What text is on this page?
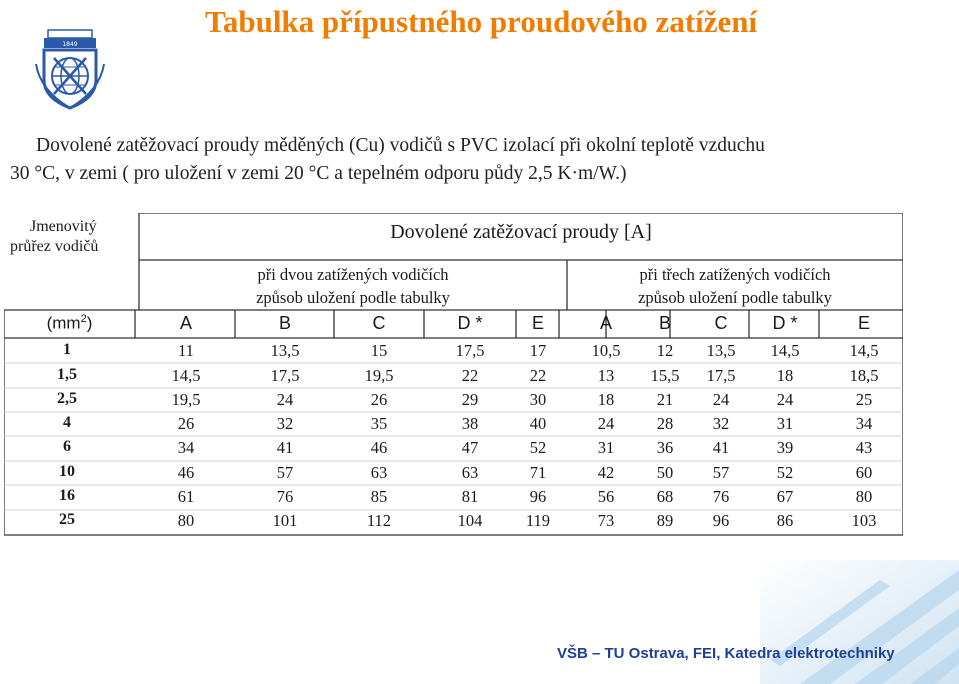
Tabulka přípustného proudového zatížení
1849

Dovolené zatěžovací proudy měděných (Cu) vodičů s PVC izolací při okolní teplotě vzduchu

30 °C, v zemi ( pro uložení v zemi 20 °C a tepelném odporu půdy 2,5 K·m/W.)
Jmenovitý
průřez vodičů
Dovolené zatěžovací proudy [A]
při dvou zatížených vodičích
způsob uložení podle tabulky
při třech zatížených vodičích
způsob uložení podle tabulky
$(mm^2)$	A	B	C	D *	E	A	B	C	D *	E
1	11	13,5	15	17,5	17	10,5	12	13,5	14,5	14,5
1,5	14,5	17,5	19,5	22	22	13	15,5	17,5	18	18,5
2,5	19,5	24	26	29	30	18	21	24	24	25
4	26	32	35	38	40	24	28	32	31	34
6	34	41	46	47	52	31	36	41	39	43
10	46	57	63	63	71	42	50	57	52	60
16	61	76	85	81	96	56	68	76	67	80
25	80	101	112	104	119	73	89	96	86	103
VŠB – TU Ostrava, FEI, Katedra elektrotechniky
